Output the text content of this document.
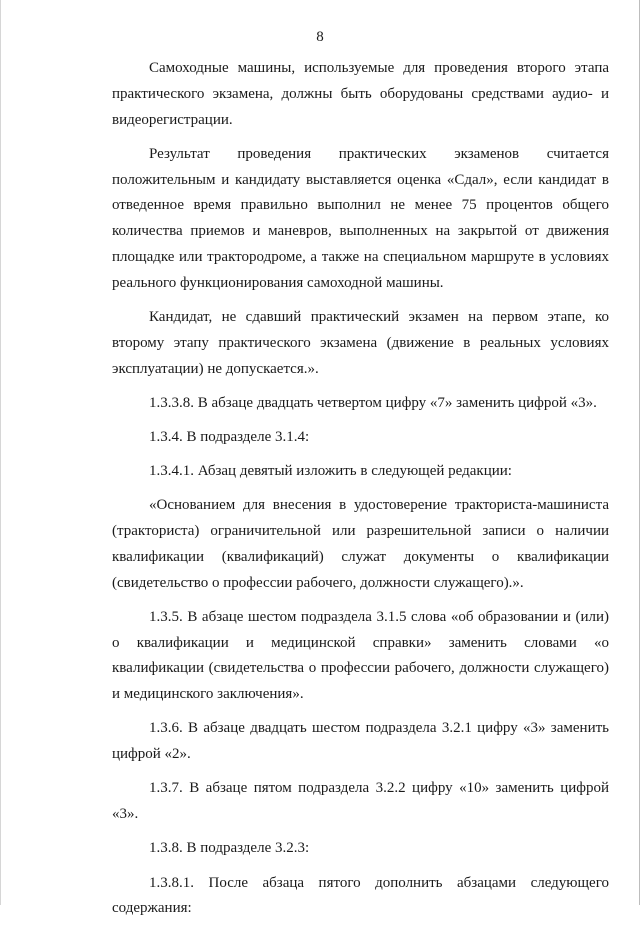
8

Самоходные машины, используемые для проведения второго этапа практического экзамена, должны быть оборудованы средствами аудио- и видеорегистрации.

Результат проведения практических экзаменов считается положительным и кандидату выставляется оценка «Сдал», если кандидат в отведенное время правильно выполнил не менее 75 процентов общего количества приемов и маневров, выполненных на закрытой от движения площадке или трактородроме, а также на специальном маршруте в условиях реального функционирования самоходной машины.

Кандидат, не сдавший практический экзамен на первом этапе, ко второму этапу практического экзамена (движение в реальных условиях эксплуатации) не допускается.».

1.3.3.8. В абзаце двадцать четвертом цифру «7» заменить цифрой «3».

1.3.4. В подразделе 3.1.4:

1.3.4.1. Абзац девятый изложить в следующей редакции:

«Основанием для внесения в удостоверение тракториста-машиниста (тракториста) ограничительной или разрешительной записи о наличии квалификации (квалификаций) служат документы о квалификации (свидетельство о профессии рабочего, должности служащего).».

1.3.5. В абзаце шестом подраздела 3.1.5 слова «об образовании и (или) о квалификации и медицинской справки» заменить словами «о квалификации (свидетельства о профессии рабочего, должности служащего) и медицинского заключения».

1.3.6. В абзаце двадцать шестом подраздела 3.2.1 цифру «3» заменить цифрой «2».

1.3.7. В абзаце пятом подраздела 3.2.2 цифру «10» заменить цифрой «3».

1.3.8. В подразделе 3.2.3:

1.3.8.1. После абзаца пятого дополнить абзацами следующего содержания:
